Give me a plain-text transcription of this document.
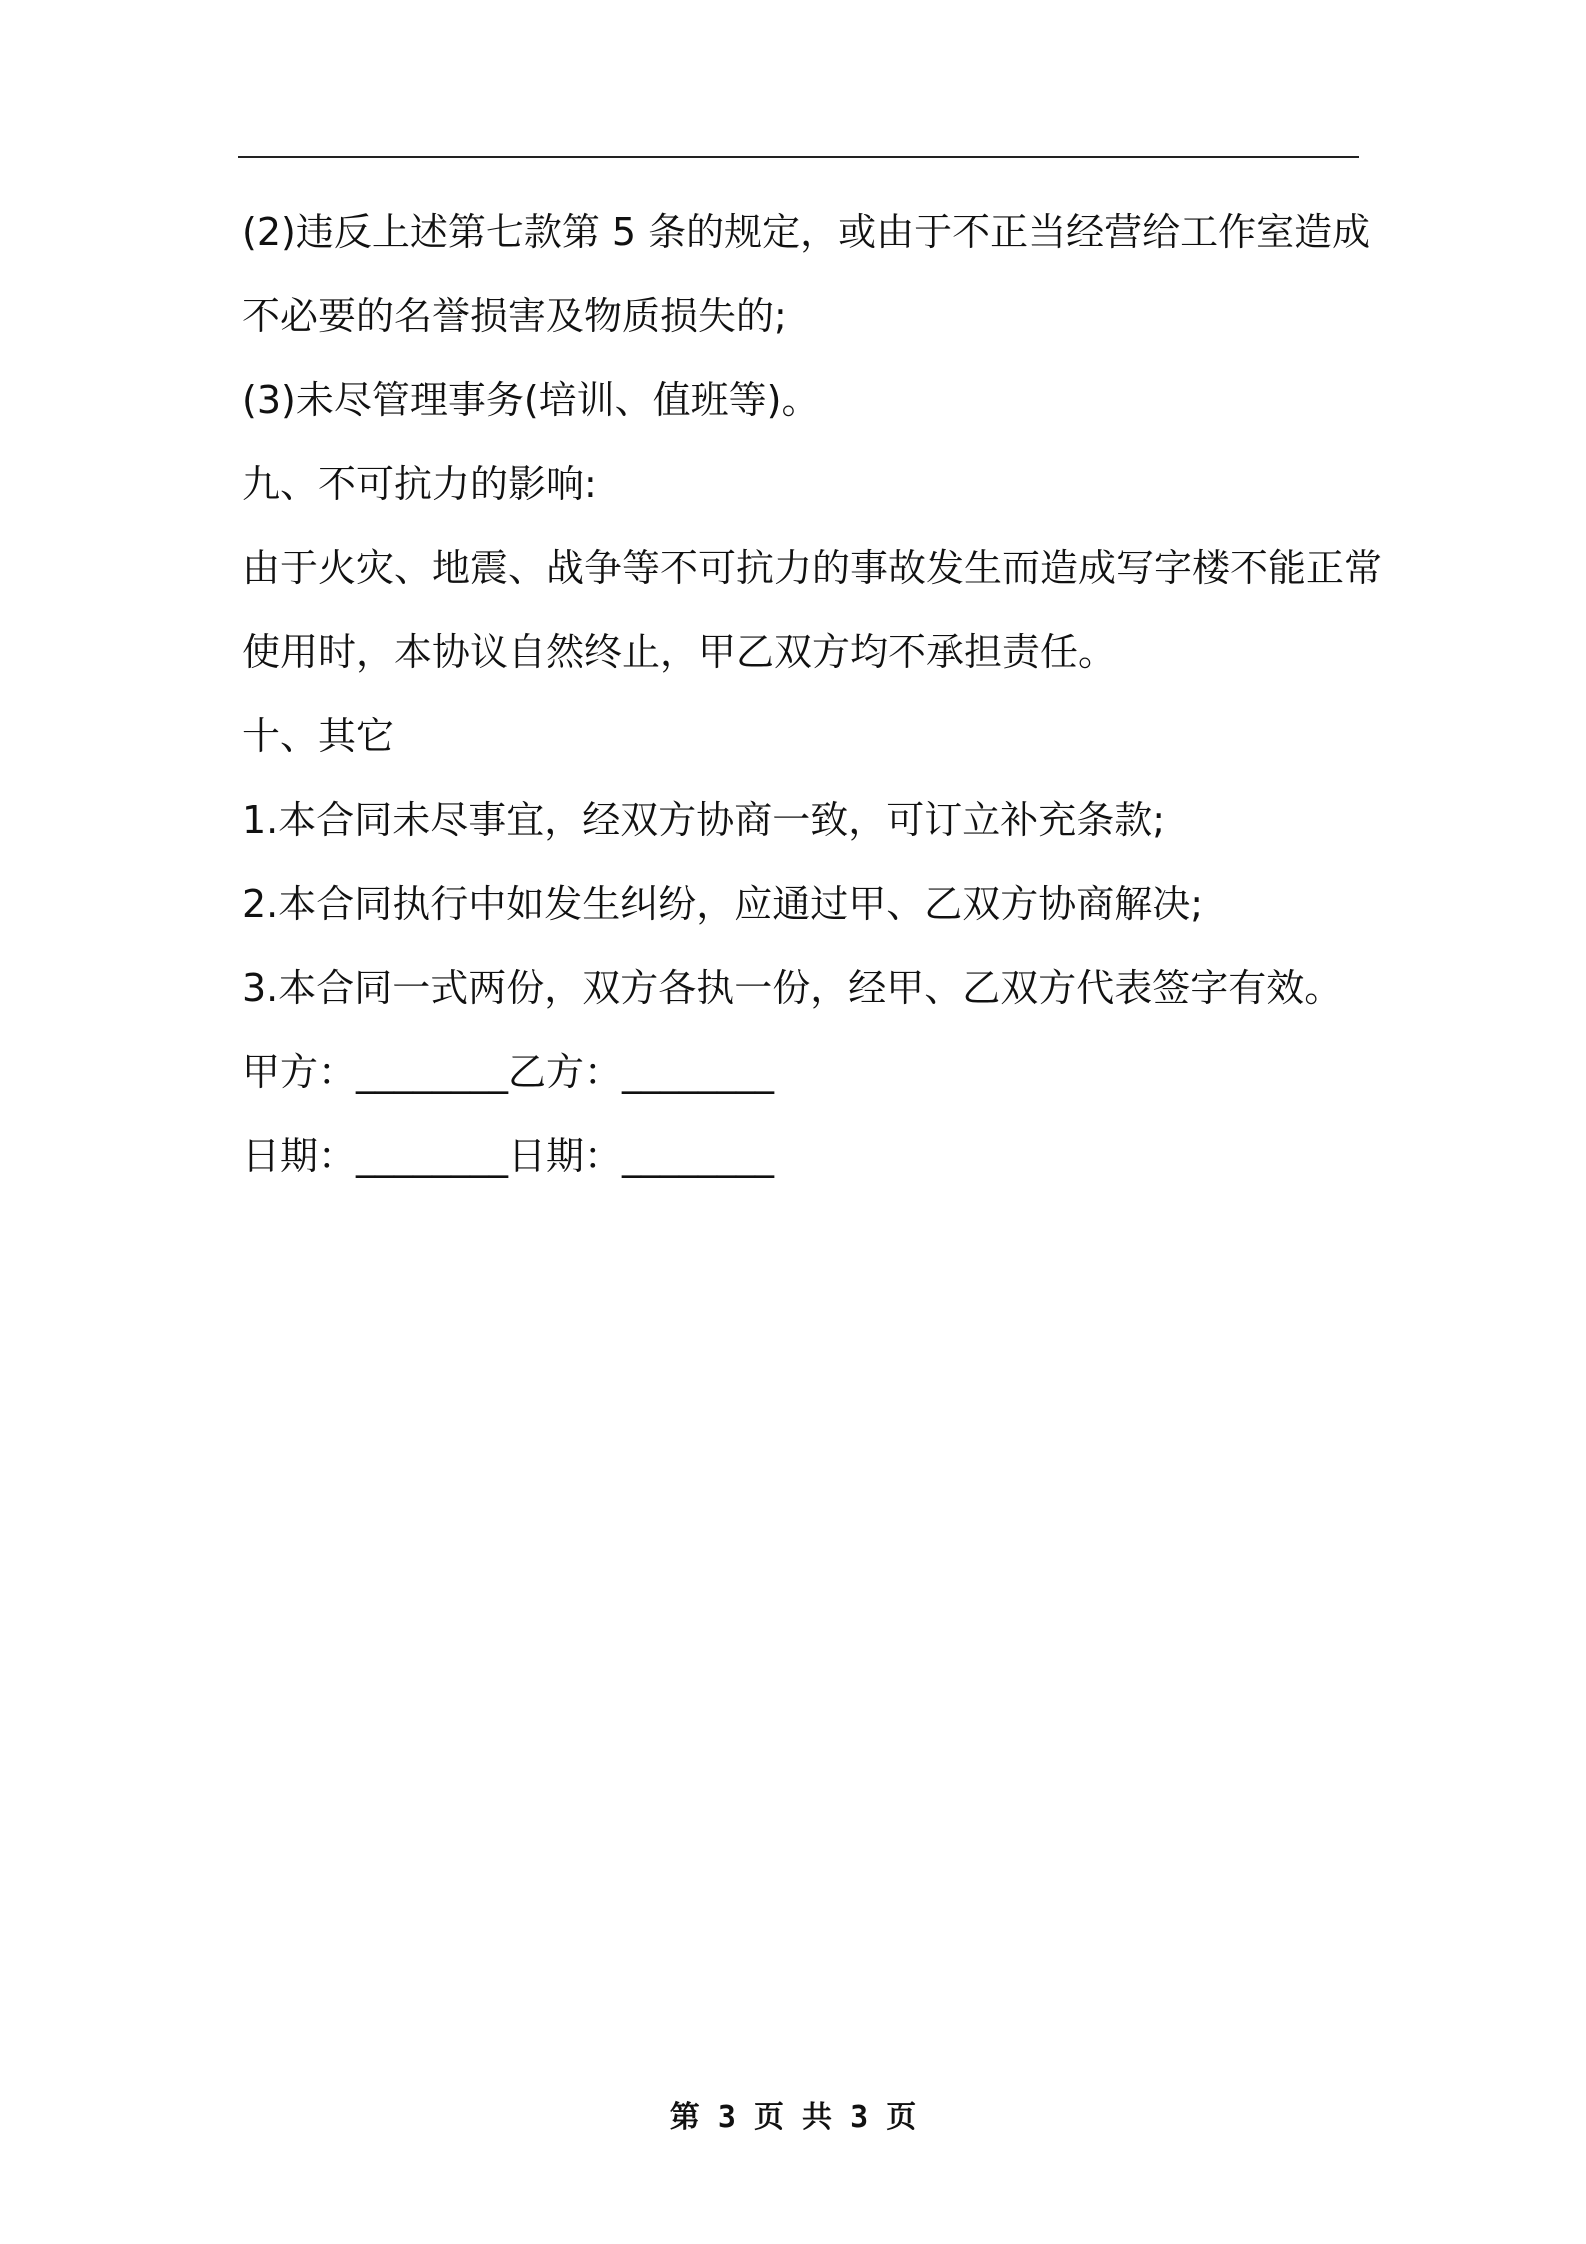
(2)违反上述第七款第 5 条的规定，或由于不正当经营给工作室造成
不必要的名誉损害及物质损失的;
(3)未尽管理事务(培训、值班等)。
九、不可抗力的影响:
由于火灾、地震、战争等不可抗力的事故发生而造成写字楼不能正常
使用时，本协议自然终止，甲乙双方均不承担责任。
十、其它
1.本合同未尽事宜，经双方协商一致，可订立补充条款;
2.本合同执行中如发生纠纷，应通过甲、乙双方协商解决;
3.本合同一式两份，双方各执一份，经甲、乙双方代表签字有效。
甲方：________乙方：________
日期：________日期：________
第 3 页 共 3 页
